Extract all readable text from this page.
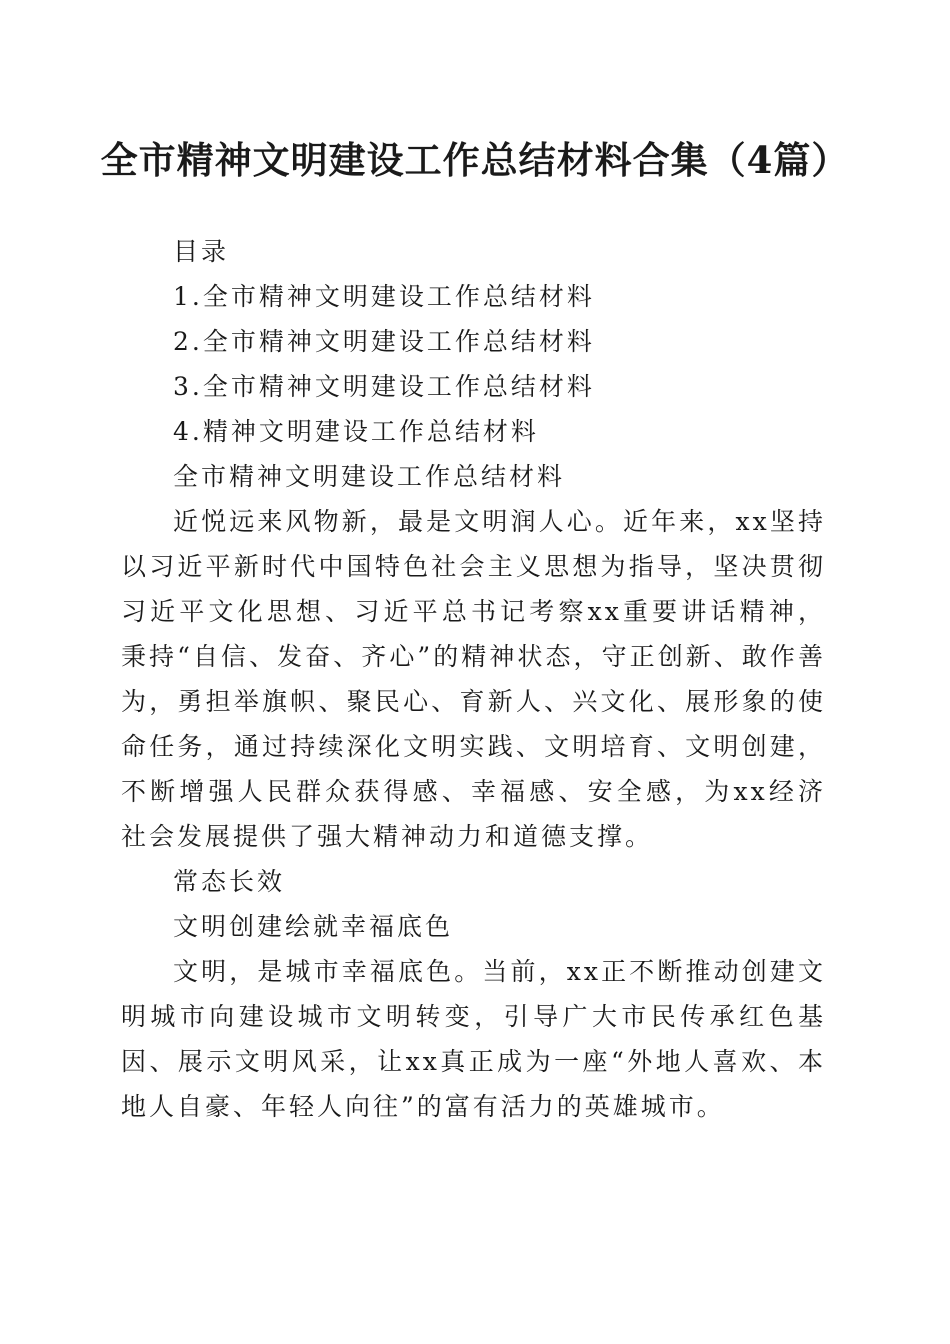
全市精神文明建设工作总结材料合集（4篇）

目录

1.全市精神文明建设工作总结材料

2.全市精神文明建设工作总结材料

3.全市精神文明建设工作总结材料

4.精神文明建设工作总结材料

全市精神文明建设工作总结材料

近悦远来风物新，最是文明润人心。近年来，xx坚持以习近平新时代中国特色社会主义思想为指导，坚决贯彻习近平文化思想、习近平总书记考察xx重要讲话精神，秉持“自信、发奋、齐心”的精神状态，守正创新、敢作善为，勇担举旗帜、聚民心、育新人、兴文化、展形象的使命任务，通过持续深化文明实践、文明培育、文明创建，不断增强人民群众获得感、幸福感、安全感，为xx经济社会发展提供了强大精神动力和道德支撑。

常态长效

文明创建绘就幸福底色

文明，是城市幸福底色。当前，xx正不断推动创建文明城市向建设城市文明转变，引导广大市民传承红色基因、展示文明风采，让xx真正成为一座“外地人喜欢、本地人自豪、年轻人向往”的富有活力的英雄城市。
